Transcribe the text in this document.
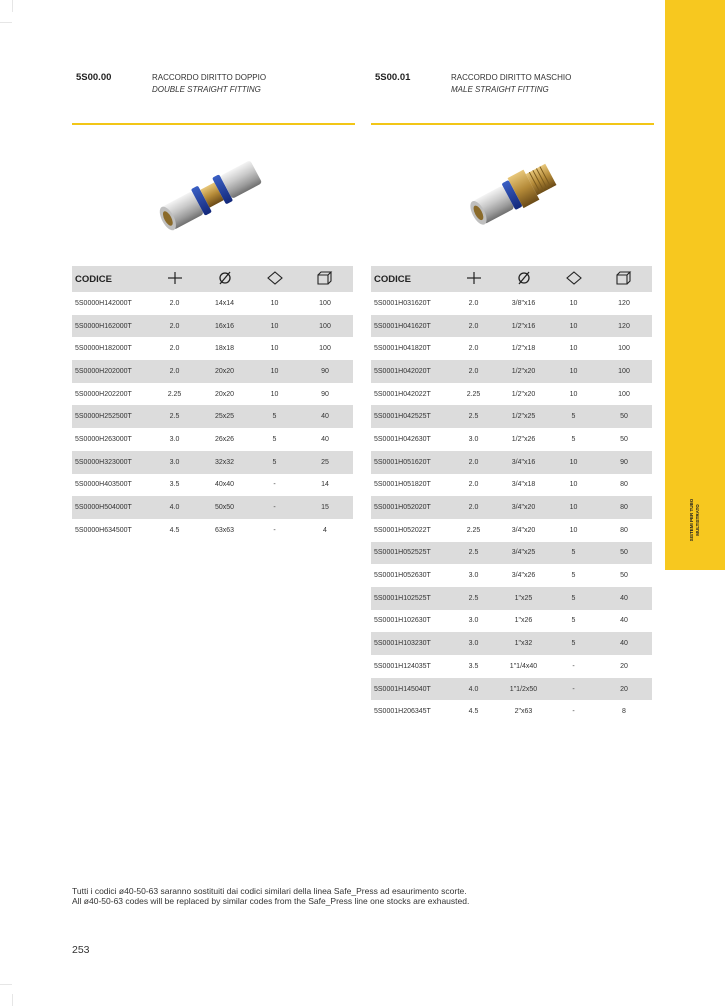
SISTEMI PER TUBO
MULTISTRATO
5S00.00	RACCORDO DIRITTO DOPPIO
DOUBLE STRAIGHT FITTING
5S00.01	RACCORDO DIRITTO MASCHIO
MALE STRAIGHT FITTING
CODICE				
5S0000H142000T	2.0	14x14	10	100
5S0000H162000T	2.0	16x16	10	100
5S0000H182000T	2.0	18x18	10	100
5S0000H202000T	2.0	20x20	10	90
5S0000H202200T	2.25	20x20	10	90
5S0000H252500T	2.5	25x25	5	40
5S0000H263000T	3.0	26x26	5	40
5S0000H323000T	3.0	32x32	5	25
5S0000H403500T	3.5	40x40	-	14
5S0000H504000T	4.0	50x50	-	15
5S0000H634500T	4.5	63x63	-	4
CODICE				
5S0001H031620T	2.0	3/8"x16	10	120
5S0001H041620T	2.0	1/2"x16	10	120
5S0001H041820T	2.0	1/2"x18	10	100
5S0001H042020T	2.0	1/2"x20	10	100
5S0001H042022T	2.25	1/2"x20	10	100
5S0001H042525T	2.5	1/2"x25	5	50
5S0001H042630T	3.0	1/2"x26	5	50
5S0001H051620T	2.0	3/4"x16	10	90
5S0001H051820T	2.0	3/4"x18	10	80
5S0001H052020T	2.0	3/4"x20	10	80
5S0001H052022T	2.25	3/4"x20	10	80
5S0001H052525T	2.5	3/4"x25	5	50
5S0001H052630T	3.0	3/4"x26	5	50
5S0001H102525T	2.5	1"x25	5	40
5S0001H102630T	3.0	1"x26	5	40
5S0001H103230T	3.0	1"x32	5	40
5S0001H124035T	3.5	1"1/4x40	-	20
5S0001H145040T	4.0	1"1/2x50	-	20
5S0001H206345T	4.5	2"x63	-	8
Tutti i codici ø40-50-63 saranno sostituiti dai codici similari della linea Safe_Press ad esaurimento scorte.
All ø40-50-63 codes will be replaced by similar codes from the Safe_Press line one stocks are exhausted.
253
